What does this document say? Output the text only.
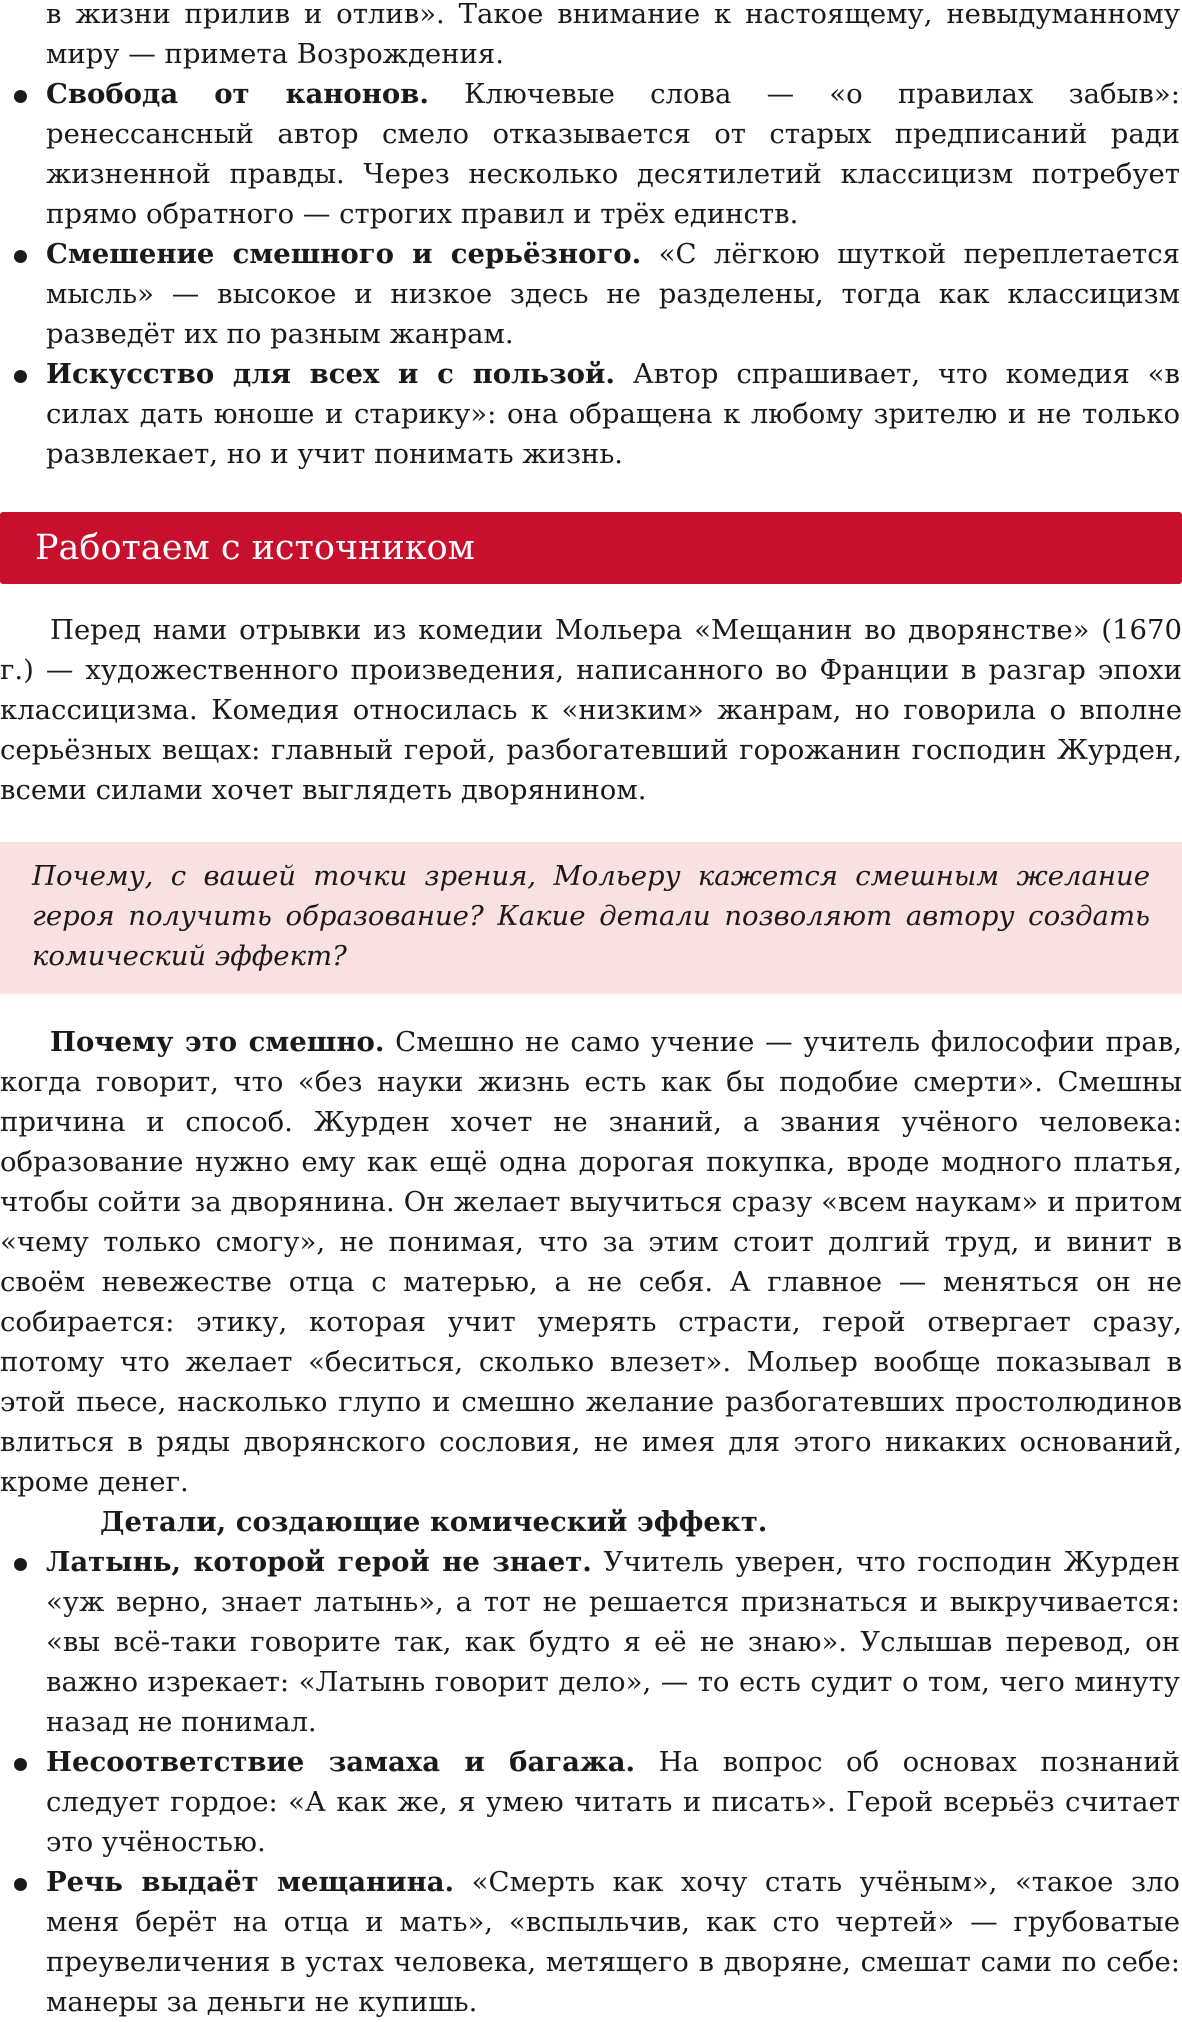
в жизни прилив и отлив». Такое внимание к настоящему, невыдуманному миру — примета Возрождения.

Свобода от канонов. Ключевые слова — «о правилах забыв»: ренессансный автор смело отказывается от старых предписаний ради жизненной правды. Через несколько десятилетий классицизм потребует прямо обратного — строгих правил и трёх единств.

Смешение смешного и серьёзного. «С лёгкою шуткой переплетается мысль» — высокое и низкое здесь не разделены, тогда как классицизм разведёт их по разным жанрам.

Искусство для всех и с пользой. Автор спрашивает, что комедия «в силах дать юноше и старику»: она обращена к любому зрителю и не только развлекает, но и учит понимать жизнь.

Работаем с источником

Перед нами отрывки из комедии Мольера «Мещанин во дворянстве» (1670 г.) — художественного произведения, написанного во Франции в разгар эпохи классицизма. Комедия относилась к «низким» жанрам, но говорила о вполне серьёзных вещах: главный герой, разбогатевший горожанин господин Журден, всеми силами хочет выглядеть дворянином.

Почему, с вашей точки зрения, Мольеру кажется смешным желание героя получить образование? Какие детали позволяют автору создать комический эффект?

Почему это смешно. Смешно не само учение — учитель философии прав, когда говорит, что «без науки жизнь есть как бы подобие смерти». Смешны причина и способ. Журден хочет не знаний, а звания учёного человека: образование нужно ему как ещё одна дорогая покупка, вроде модного платья, чтобы сойти за дворянина. Он желает выучиться сразу «всем наукам» и притом «чему только смогу», не понимая, что за этим стоит долгий труд, и винит в своём невежестве отца с матерью, а не себя. А главное — меняться он не собирается: этику, которая учит умерять страсти, герой отвергает сразу, потому что желает «беситься, сколько влезет». Мольер вообще показывал в этой пьесе, насколько глупо и смешно желание разбогатевших простолюдинов влиться в ряды дворянского сословия, не имея для этого никаких оснований, кроме денег.

Детали, создающие комический эффект.

Латынь, которой герой не знает. Учитель уверен, что господин Журден «уж верно, знает латынь», а тот не решается признаться и выкручивается: «вы всё-таки говорите так, как будто я её не знаю». Услышав перевод, он важно изрекает: «Латынь говорит дело», — то есть судит о том, чего минуту назад не понимал.

Несоответствие замаха и багажа. На вопрос об основах познаний следует гордое: «А как же, я умею читать и писать». Герой всерьёз считает это учёностью.

Речь выдаёт мещанина. «Смерть как хочу стать учёным», «такое зло меня берёт на отца и мать», «вспыльчив, как сто чертей» — грубоватые преувеличения в устах человека, метящего в дворяне, смешат сами по себе: манеры за деньги не купишь.
